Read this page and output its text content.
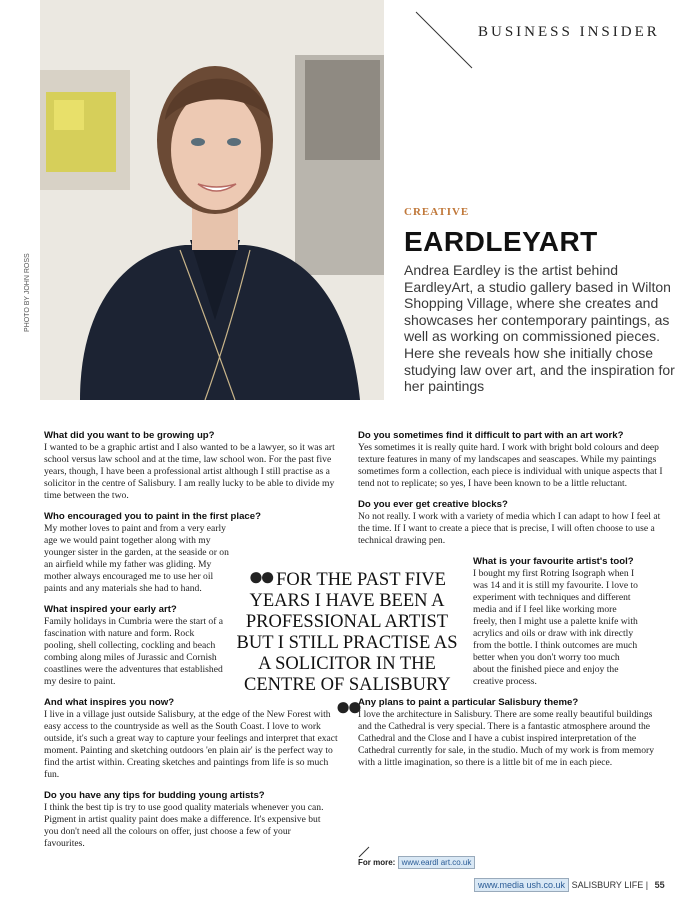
PHOTO BY JOHN ROSS
BUSINESS INSIDER
CREATIVE
EARDLEYART
Andrea Eardley is the artist behind EardleyArt, a studio gallery based in Wilton Shopping Village, where she creates and showcases her contemporary paintings, as well as working on commissioned pieces. Here she reveals how she initially chose studying law over art, and the inspiration for her paintings

What did you want to be growing up?

I wanted to be a graphic artist and I also wanted to be a lawyer, so it was art school versus law school and at the time, law school won. For the past five years, though, I have been a professional artist although I still practise as a solicitor in the centre of Salisbury. I am really lucky to be able to divide my time between the two.

Who encouraged you to paint in the first place?

My mother loves to paint and from a very early age we would paint together along with my younger sister in the garden, at the seaside or on an airfield while my father was gliding. My mother always encouraged me to use her oil paints and any materials she had to hand.

What inspired your early art?

Family holidays in Cumbria were the start of a fascination with nature and form. Rock pooling, shell collecting, cockling and beach combing along miles of Jurassic and Cornish coastlines were the adventures that established my desire to paint.

And what inspires you now?

I live in a village just outside Salisbury, at the edge of the New Forest with easy access to the countryside as well as the South Coast. I love to work outside, it's such a great way to capture your feelings and interpret that exact moment. Painting and sketching outdoors 'en plain air' is the perfect way to find the artist within. Creating sketches and paintings from life is so much fun.

Do you have any tips for budding young artists?

I think the best tip is try to use good quality materials whenever you can. Pigment in artist quality paint does make a difference. It's expensive but you don't need all the colours on offer, just choose a few of your favourites.

Do you sometimes find it difficult to part with an art work?

Yes sometimes it is really quite hard. I work with bright bold colours and deep texture features in many of my landscapes and seascapes. While my paintings sometimes form a collection, each piece is individual with unique aspects that I tend not to replicate; so yes, I have been known to be a little reluctant.

Do you ever get creative blocks?

No not really. I work with a variety of media which I can adapt to how I feel at the time. If I want to create a piece that is precise, I will often choose to use a technical drawing pen.

What is your favourite artist's tool?

I bought my first Rotring Isograph when I was 14 and it is still my favourite. I love to experiment with techniques and different media and if I feel like working more freely, then I might use a palette knife with acrylics and oils or draw with ink directly from the bottle. I think outcomes are much better when you don't worry too much about the finished piece and enjoy the creative process.

Any plans to paint a particular Salisbury theme?

I love the architecture in Salisbury. There are some really beautiful buildings and the Cathedral is very special. There is a fantastic atmosphere around the Cathedral and the Close and I have a cubist inspired interpretation of the Cathedral currently for sale, in the studio. Much of my work is from memory with a little imagination, so there is a little bit of me in each piece.

●● FOR THE PAST FIVE YEARS I HAVE BEEN A PROFESSIONAL ARTIST BUT I STILL PRACTISE AS A SOLICITOR IN THE CENTRE OF SALISBURY ●●
For more: www.eardl art.co.uk
www.media ush.co.uk SALISBURY LIFE | 55
